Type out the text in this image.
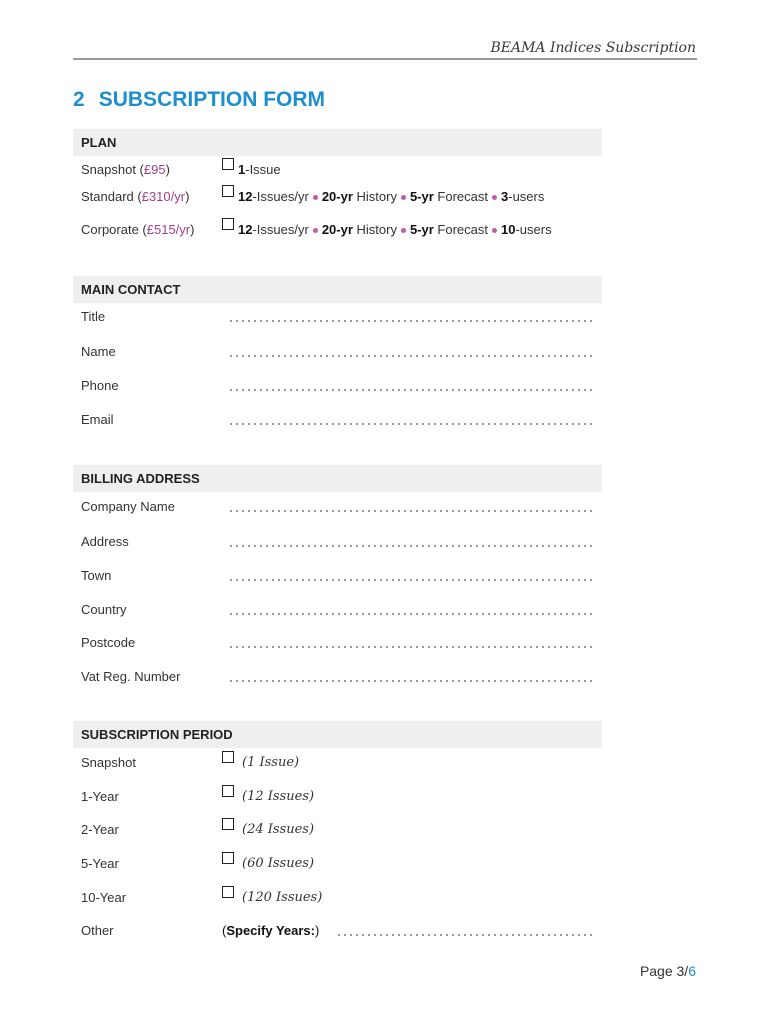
BEAMA Indices Subscription
2 SUBSCRIPTION FORM
PLAN
Snapshot (£95)	1-Issue
Standard (£310/yr)	12-Issues/yr 20-yr History 5-yr Forecast 3-users
Corporate (£515/yr)	12-Issues/yr 20-yr History 5-yr Forecast 10-users
MAIN CONTACT
Title
Name
Phone
Email
BILLING ADDRESS
Company Name
Address
Town
Country
Postcode
Vat Reg. Number
SUBSCRIPTION PERIOD
Snapshot	(1 Issue)
1-Year	(12 Issues)
2-Year	(24 Issues)
5-Year	(60 Issues)
10-Year	(120 Issues)
Other	(Specify Years:)
Page 3/6
